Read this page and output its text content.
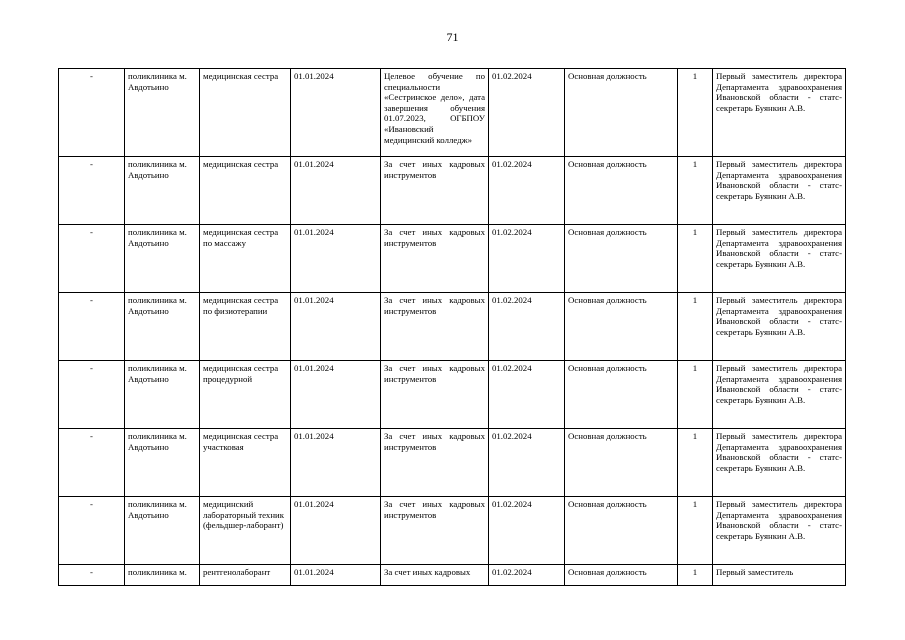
71
-	поликлиника м. Авдотьино	медицинская сестра	01.01.2024	Целевое обучение по специальности «Сестринское дело», дата завершения обучения 01.07.2023, ОГБПОУ «Ивановский медицинский колледж»	01.02.2024	Основная должность	1	Первый заместитель директора Департамента здравоохранения Ивановской области - статс-секретарь Буянкин А.В.
-	поликлиника м. Авдотьино	медицинская сестра	01.01.2024	За счет иных кадровых инструментов	01.02.2024	Основная должность	1	Первый заместитель директора Департамента здравоохранения Ивановской области - статс-секретарь Буянкин А.В.
-	поликлиника м. Авдотьино	медицинская сестра по массажу	01.01.2024	За счет иных кадровых инструментов	01.02.2024	Основная должность	1	Первый заместитель директора Департамента здравоохранения Ивановской области - статс-секретарь Буянкин А.В.
-	поликлиника м. Авдотьино	медицинская сестра по физиотерапии	01.01.2024	За счет иных кадровых инструментов	01.02.2024	Основная должность	1	Первый заместитель директора Департамента здравоохранения Ивановской области - статс-секретарь Буянкин А.В.
-	поликлиника м. Авдотьино	медицинская сестра процедурной	01.01.2024	За счет иных кадровых инструментов	01.02.2024	Основная должность	1	Первый заместитель директора Департамента здравоохранения Ивановской области - статс-секретарь Буянкин А.В.
-	поликлиника м. Авдотьино	медицинская сестра участковая	01.01.2024	За счет иных кадровых инструментов	01.02.2024	Основная должность	1	Первый заместитель директора Департамента здравоохранения Ивановской области - статс-секретарь Буянкин А.В.
-	поликлиника м. Авдотьино	медицинский лабораторный техник (фельдшер-лаборант)	01.01.2024	За счет иных кадровых инструментов	01.02.2024	Основная должность	1	Первый заместитель директора Департамента здравоохранения Ивановской области - статс-секретарь Буянкин А.В.
-	поликлиника м.	рентгенолаборант	01.01.2024	За счет иных кадровых	01.02.2024	Основная должность	1	Первый заместитель
